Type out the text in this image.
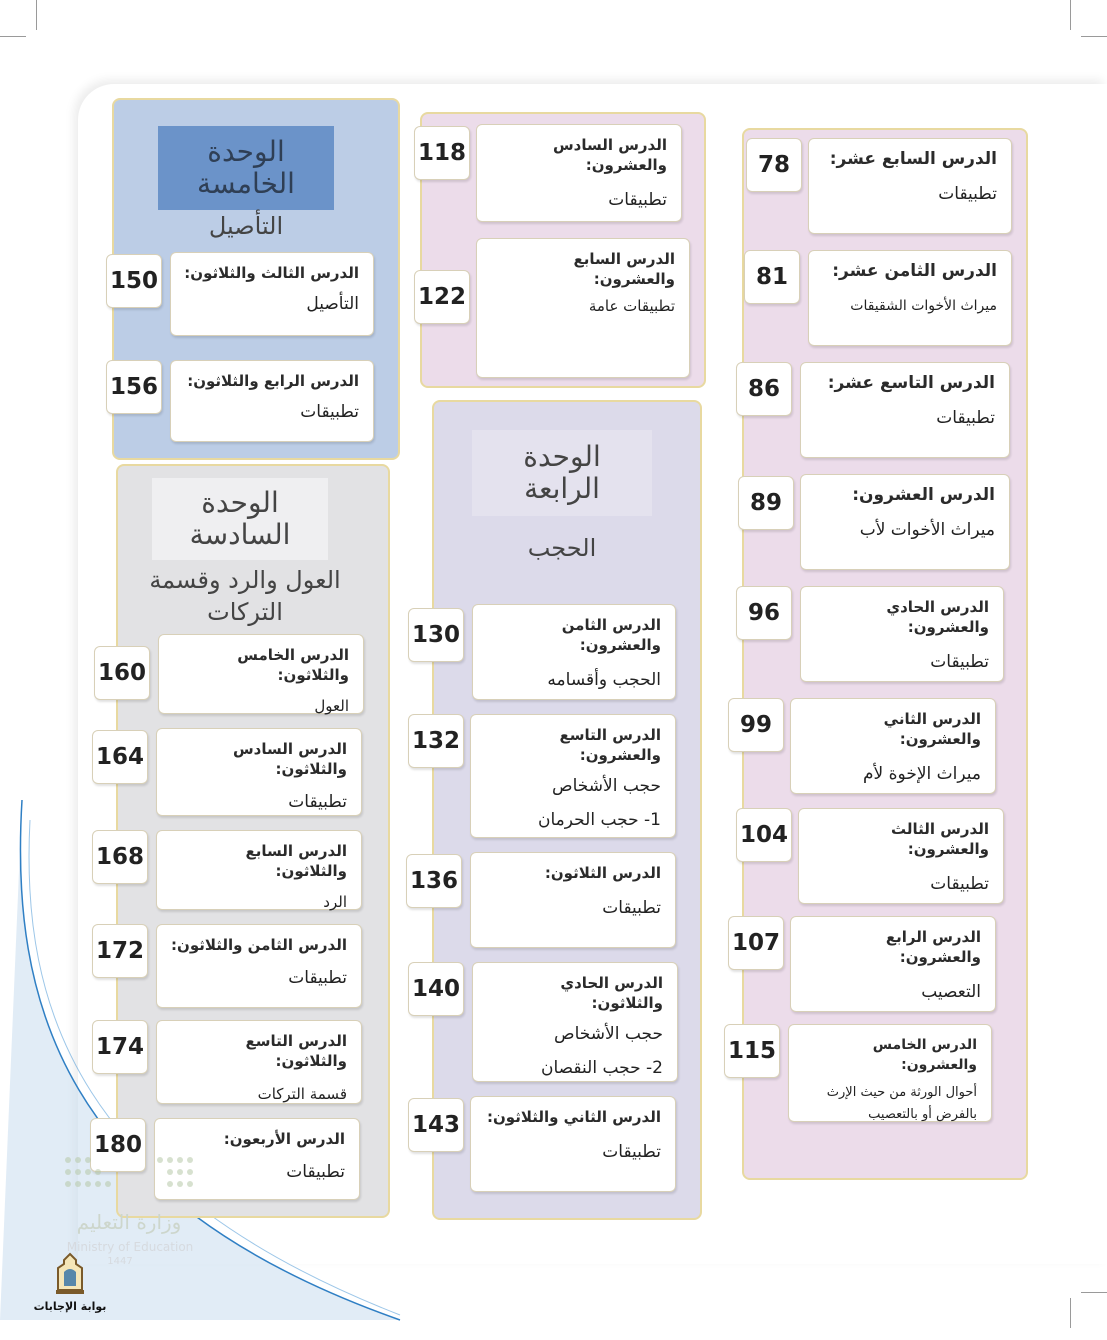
الدرس السابع عشر:
تطبيقات
78
الدرس الثامن عشر:
ميراث الأخوات الشقيقات
81
الدرس التاسع عشر:
تطبيقات
86
الدرس العشرون:
ميراث الأخوات لأب
89
الدرس الحادي والعشرون:
تطبيقات
96
الدرس الثاني والعشرون:
ميراث الإخوة لأم
99
الدرس الثالث والعشرون:
تطبيقات
104
الدرس الرابع والعشرون:
التعصيب
107
الدرس الخامس والعشرون:
أحوال الورثة من حيث الإرث
بالفرض أو بالتعصيب
115
الدرس السادس والعشرون:
تطبيقات
118
الدرس السابع والعشرون:
تطبيقات عامة
122
الوحدة
الرابعة
الحجب
الدرس الثامن والعشرون:
الحجب وأقسامه
130
الدرس التاسع والعشرون:
حجب الأشخاص
1- حجب الحرمان
132
الدرس الثلاثون:
تطبيقات
136
الدرس الحادي والثلاثون:
حجب الأشخاص
2- حجب النقصان
140
الدرس الثاني والثلاثون:
تطبيقات
143
الوحدة
الخامسة
التأصيل
الدرس الثالث والثلاثون:
التأصيل
150
الدرس الرابع والثلاثون:
تطبيقات
156
الوحدة
السادسة
العول والرد وقسمة
التركات
الدرس الخامس والثلاثون:
العول
160
الدرس السادس والثلاثون:
تطبيقات
164
الدرس السابع والثلاثون:
الرد
168
الدرس الثامن والثلاثون:
تطبيقات
172
الدرس التاسع والثلاثون:
قسمة التركات
174
الدرس الأربعون:
تطبيقات
180
وزارة التعليم
Ministry of Education
1447
بوابة الإجابات
